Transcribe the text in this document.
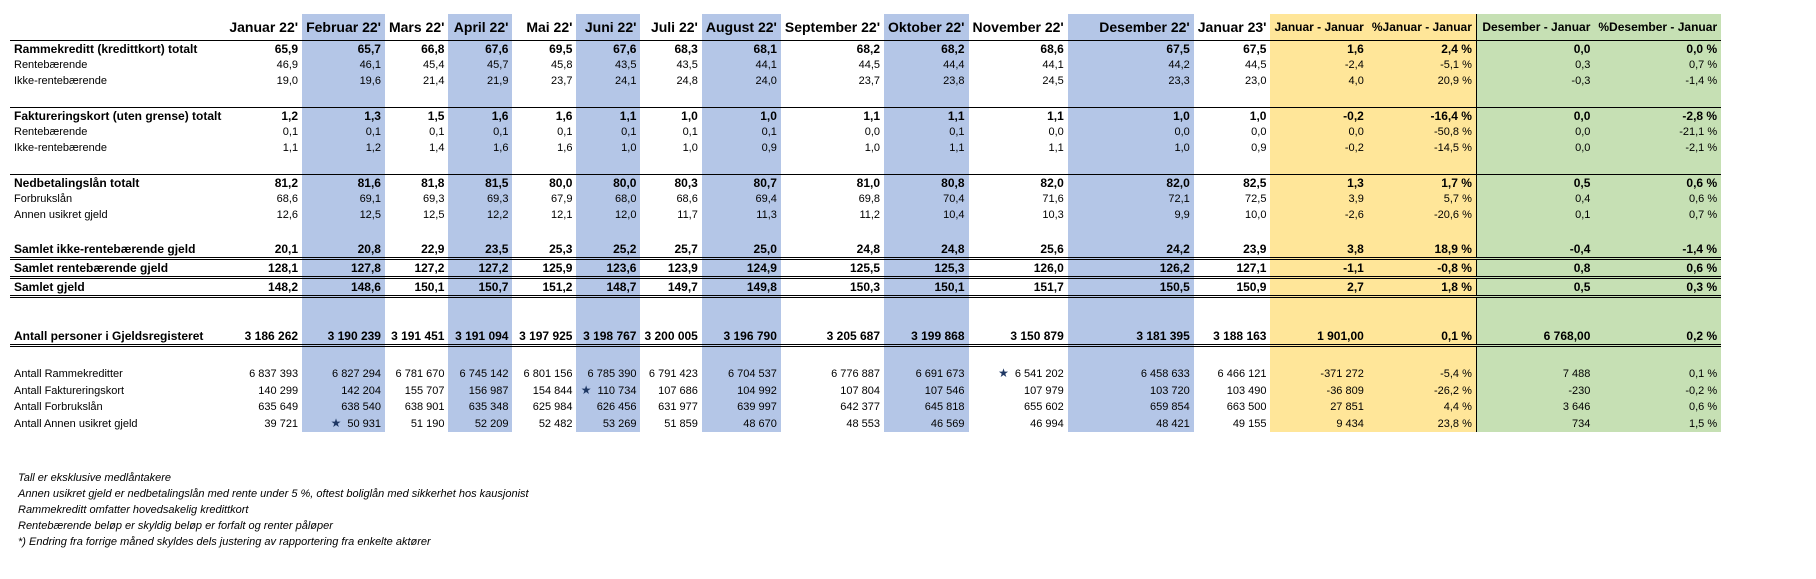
	Januar 22'	Februar 22'	Mars 22'	April 22'	Mai 22'	Juni 22'	Juli 22'	August 22'	September 22'	Oktober 22'	November 22'	Desember 22'	Januar 23'	Januar - Januar	%Januar - Januar	Desember - Januar	%Desember - Januar
Rammekreditt (kredittkort) totalt	65,9	65,7	66,8	67,6	69,5	67,6	68,3	68,1	68,2	68,2	68,6	67,5	67,5	1,6	2,4 %	0,0	0,0 %
Rentebærende	46,9	46,1	45,4	45,7	45,8	43,5	43,5	44,1	44,5	44,4	44,1	44,2	44,5	-2,4	-5,1 %	0,3	0,7 %
Ikke-rentebærende	19,0	19,6	21,4	21,9	23,7	24,1	24,8	24,0	23,7	23,8	24,5	23,3	23,0	4,0	20,9 %	-0,3	-1,4 %

Faktureringskort (uten grense) totalt	1,2	1,3	1,5	1,6	1,6	1,1	1,0	1,0	1,1	1,1	1,1	1,0	1,0	-0,2	-16,4 %	0,0	-2,8 %
Rentebærende	0,1	0,1	0,1	0,1	0,1	0,1	0,1	0,1	0,0	0,1	0,0	0,0	0,0	0,0	-50,8 %	0,0	-21,1 %
Ikke-rentebærende	1,1	1,2	1,4	1,6	1,6	1,0	1,0	0,9	1,0	1,1	1,1	1,0	0,9	-0,2	-14,5 %	0,0	-2,1 %

Nedbetalingslån totalt	81,2	81,6	81,8	81,5	80,0	80,0	80,3	80,7	81,0	80,8	82,0	82,0	82,5	1,3	1,7 %	0,5	0,6 %
Forbrukslån	68,6	69,1	69,3	69,3	67,9	68,0	68,6	69,4	69,8	70,4	71,6	72,1	72,5	3,9	5,7 %	0,4	0,6 %
Annen usikret gjeld	12,6	12,5	12,5	12,2	12,1	12,0	11,7	11,3	11,2	10,4	10,3	9,9	10,0	-2,6	-20,6 %	0,1	0,7 %

Samlet ikke-rentebærende gjeld	20,1	20,8	22,9	23,5	25,3	25,2	25,7	25,0	24,8	24,8	25,6	24,2	23,9	3,8	18,9 %	-0,4	-1,4 %
Samlet rentebærende gjeld	128,1	127,8	127,2	127,2	125,9	123,6	123,9	124,9	125,5	125,3	126,0	126,2	127,1	-1,1	-0,8 %	0,8	0,6 %
Samlet gjeld	148,2	148,6	150,1	150,7	151,2	148,7	149,7	149,8	150,3	150,1	151,7	150,5	150,9	2,7	1,8 %	0,5	0,3 %

Antall personer i Gjeldsregisteret	3 186 262	3 190 239	3 191 451	3 191 094	3 197 925	3 198 767	3 200 005	3 196 790	3 205 687	3 199 868	3 150 879	3 181 395	3 188 163	1 901,00	0,1 %	6 768,00	0,2 %

Antall Rammekreditter	6 837 393	6 827 294	6 781 670	6 745 142	6 801 156	6 785 390	6 791 423	6 704 537	6 776 887	6 691 673	★ 6 541 202	6 458 633	6 466 121	-371 272	-5,4 %	7 488	0,1 %
Antall Faktureringskort	140 299	142 204	155 707	156 987	154 844	★ 110 734	107 686	104 992	107 804	107 546	107 979	103 720	103 490	-36 809	-26,2 %	-230	-0,2 %
Antall Forbrukslån	635 649	638 540	638 901	635 348	625 984	626 456	631 977	639 997	642 377	645 818	655 602	659 854	663 500	27 851	4,4 %	3 646	0,6 %
Antall Annen usikret gjeld	39 721	★ 50 931	51 190	52 209	52 482	53 269	51 859	48 670	48 553	46 569	46 994	48 421	49 155	9 434	23,8 %	734	1,5 %
Tall er eksklusive medlåntakere
Annen usikret gjeld er nedbetalingslån med rente under 5 %, oftest boliglån med sikkerhet hos kausjonist
Rammekreditt omfatter hovedsakelig kredittkort
Rentebærende beløp er skyldig beløp er forfalt og renter påløper
*) Endring fra forrige måned skyldes dels justering av rapportering fra enkelte aktører
